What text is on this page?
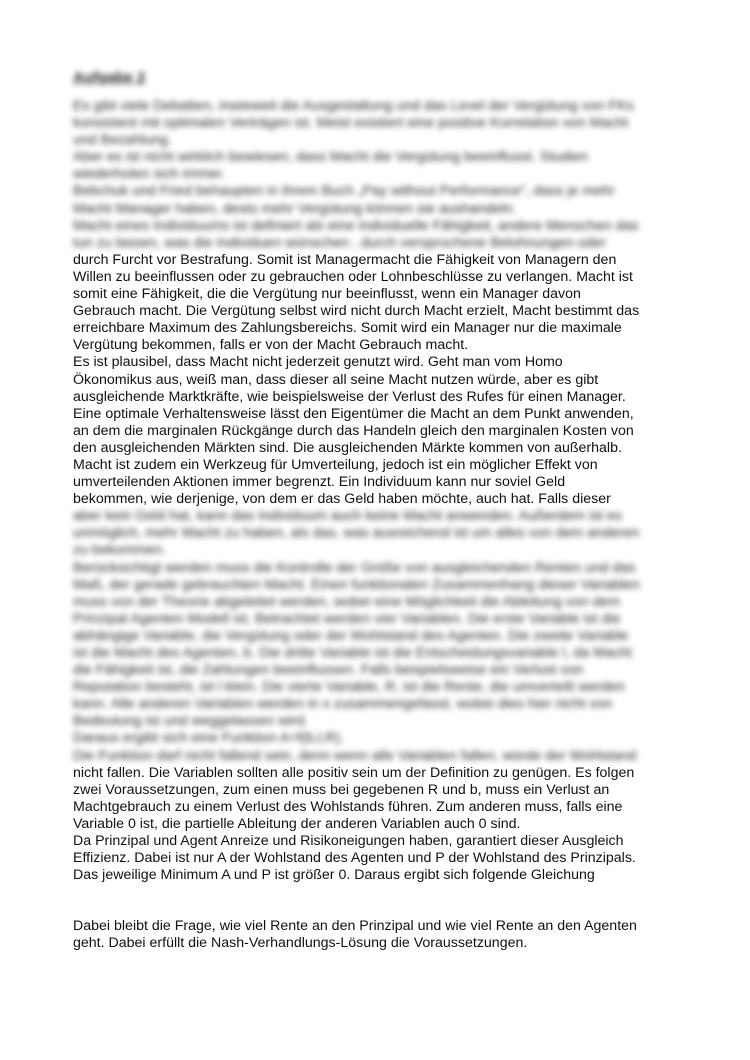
Aufgabe 2

Es gibt viele Debatten, inwieweit die Ausgestaltung und das Level der Vergütung von FKs
konsistent mit optimalen Verträgen ist. Meist existiert eine positive Korrelation von Macht
und Bezahlung.
Aber es ist nicht wirklich bewiesen, dass Macht die Vergütung beeinflusst. Studien
wiederholen sich immer.
Bebchuk und Fried behaupten in ihrem Buch „Pay without Performance“, dass je mehr
Macht Manager haben, desto mehr Vergütung können sie aushandeln.
Macht eines Individuums ist definiert als eine individuelle Fähigkeit, andere Menschen das
tun zu lassen, was die Individuen wünschen , durch versprochene Belohnungen oder

durch Furcht vor Bestrafung. Somit ist Managermacht die Fähigkeit von Managern den
Willen zu beeinflussen oder zu gebrauchen oder Lohnbeschlüsse zu verlangen. Macht ist
somit eine Fähigkeit, die die Vergütung nur beeinflusst, wenn ein Manager davon
Gebrauch macht. Die Vergütung selbst wird nicht durch Macht erzielt, Macht bestimmt das
erreichbare Maximum des Zahlungsbereichs. Somit wird ein Manager nur die maximale
Vergütung bekommen, falls er von der Macht Gebrauch macht.
Es ist plausibel, dass Macht nicht jederzeit genutzt wird. Geht man vom Homo
Ökonomikus aus, weiß man, dass dieser all seine Macht nutzen würde, aber es gibt
ausgleichende Marktkräfte, wie beispielsweise der Verlust des Rufes für einen Manager.
Eine optimale Verhaltensweise lässt den Eigentümer die Macht an dem Punkt anwenden,
an dem die marginalen Rückgänge durch das Handeln gleich den marginalen Kosten von
den ausgleichenden Märkten sind. Die ausgleichenden Märkte kommen von außerhalb.
Macht ist zudem ein Werkzeug für Umverteilung, jedoch ist ein möglicher Effekt von
umverteilenden Aktionen immer begrenzt. Ein Individuum kann nur soviel Geld
bekommen, wie derjenige, von dem er das Geld haben möchte, auch hat. Falls dieser

aber kein Geld hat, kann das Individuum auch keine Macht anwenden. Außerdem ist es
unmöglich, mehr Macht zu haben, als das, was ausreichend ist um alles von dem anderen
zu bekommen.
Berücksichtigt werden muss die Kontrolle der Größe von ausgleichenden Renten und das
Maß, der gerade gebrauchten Macht. Einen funktionalen Zusammenhang dieser Variablen
muss von der Theorie abgeleitet werden, wobei eine Möglichkeit die Ableitung von dem
Prinzipal Agenten Modell ist. Betrachtet werden vier Variablen. Die erste Variable ist die
abhängige Variable, die Vergütung oder der Wohlstand des Agenten. Die zweite Variable
ist die Macht des Agenten, b. Die dritte Variable ist die Entscheidungsvariable l, da Macht
die Fähigkeit ist, die Zahlungen beeinflussen. Falls beispielsweise ein Verlust von
Reputation besteht, ist l klein. Die vierte Variable, R, ist die Rente, die umverteilt werden
kann. Alle anderen Variablen werden in x zusammengefasst, wobei dies hier nicht von
Bedeutung ist und weggelassen wird.
Daraus ergibt sich eine Funktion A=f(b,l,R).
Die Funktion darf nicht fallend sein, denn wenn alle Variablen fallen, würde der Wohlstand

nicht fallen. Die Variablen sollten alle positiv sein um der Definition zu genügen. Es folgen
zwei Voraussetzungen, zum einen muss bei gegebenen R und b, muss ein Verlust an
Machtgebrauch zu einem Verlust des Wohlstands führen. Zum anderen muss, falls eine
Variable 0 ist, die partielle Ableitung der anderen Variablen auch 0 sind.
Da Prinzipal und Agent Anreize und Risikoneigungen haben, garantiert dieser Ausgleich
Effizienz. Dabei ist nur A der Wohlstand des Agenten und P der Wohlstand des Prinzipals.
Das jeweilige Minimum A und P ist größer 0. Daraus ergibt sich folgende Gleichung

Dabei bleibt die Frage, wie viel Rente an den Prinzipal und wie viel Rente an den Agenten
geht. Dabei erfüllt die Nash-Verhandlungs-Lösung die Voraussetzungen.
